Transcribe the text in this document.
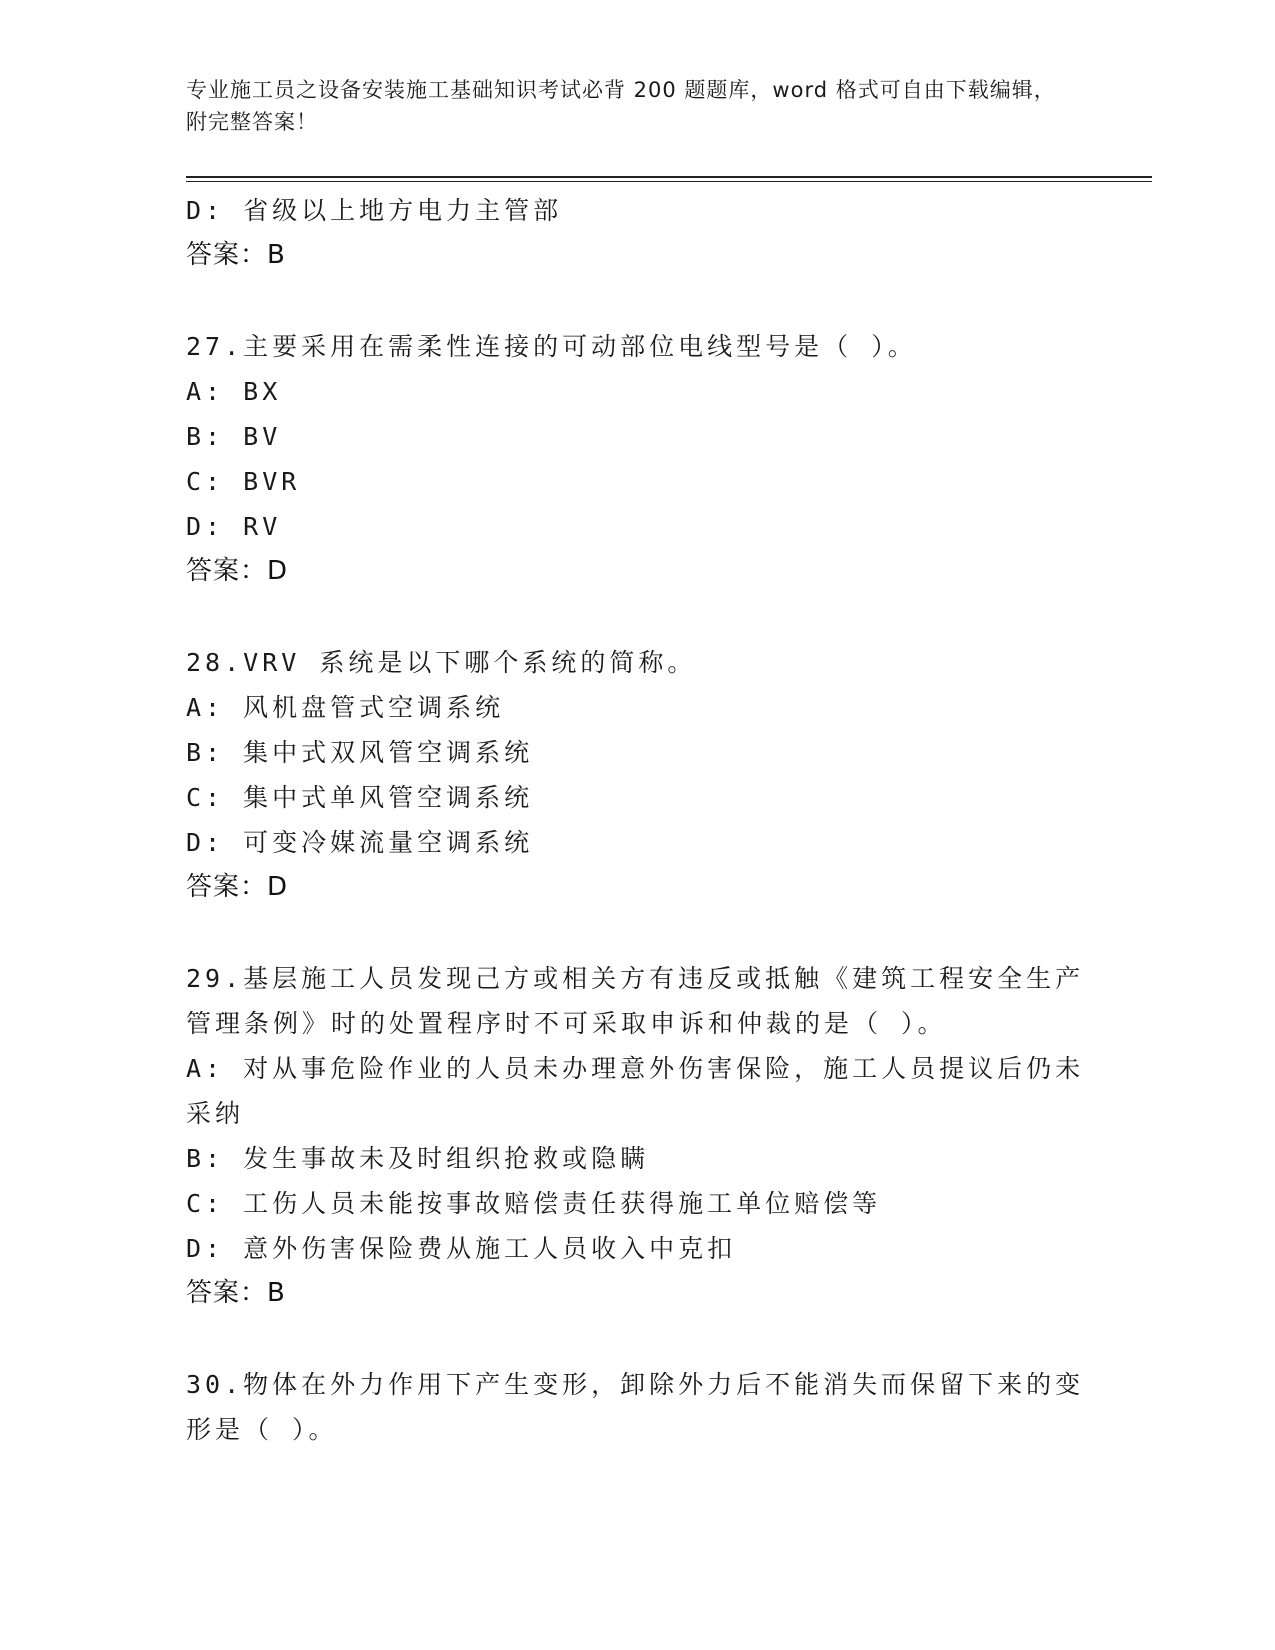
专业施工员之设备安装施工基础知识考试必背 200 题题库，word 格式可自由下载编辑，附完整答案！
D: 省级以上地方电力主管部
答案：B
27.主要采用在需柔性连接的可动部位电线型号是（ ）。
A: BX
B: BV
C: BVR
D: RV
答案：D
28.VRV 系统是以下哪个系统的简称。
A: 风机盘管式空调系统
B: 集中式双风管空调系统
C: 集中式单风管空调系统
D: 可变冷媒流量空调系统
答案：D
29.基层施工人员发现己方或相关方有违反或抵触《建筑工程安全生产
管理条例》时的处置程序时不可采取申诉和仲裁的是（ ）。
A: 对从事危险作业的人员未办理意外伤害保险，施工人员提议后仍未
采纳
B: 发生事故未及时组织抢救或隐瞒
C: 工伤人员未能按事故赔偿责任获得施工单位赔偿等
D: 意外伤害保险费从施工人员收入中克扣
答案：B
30.物体在外力作用下产生变形，卸除外力后不能消失而保留下来的变
形是（ ）。
